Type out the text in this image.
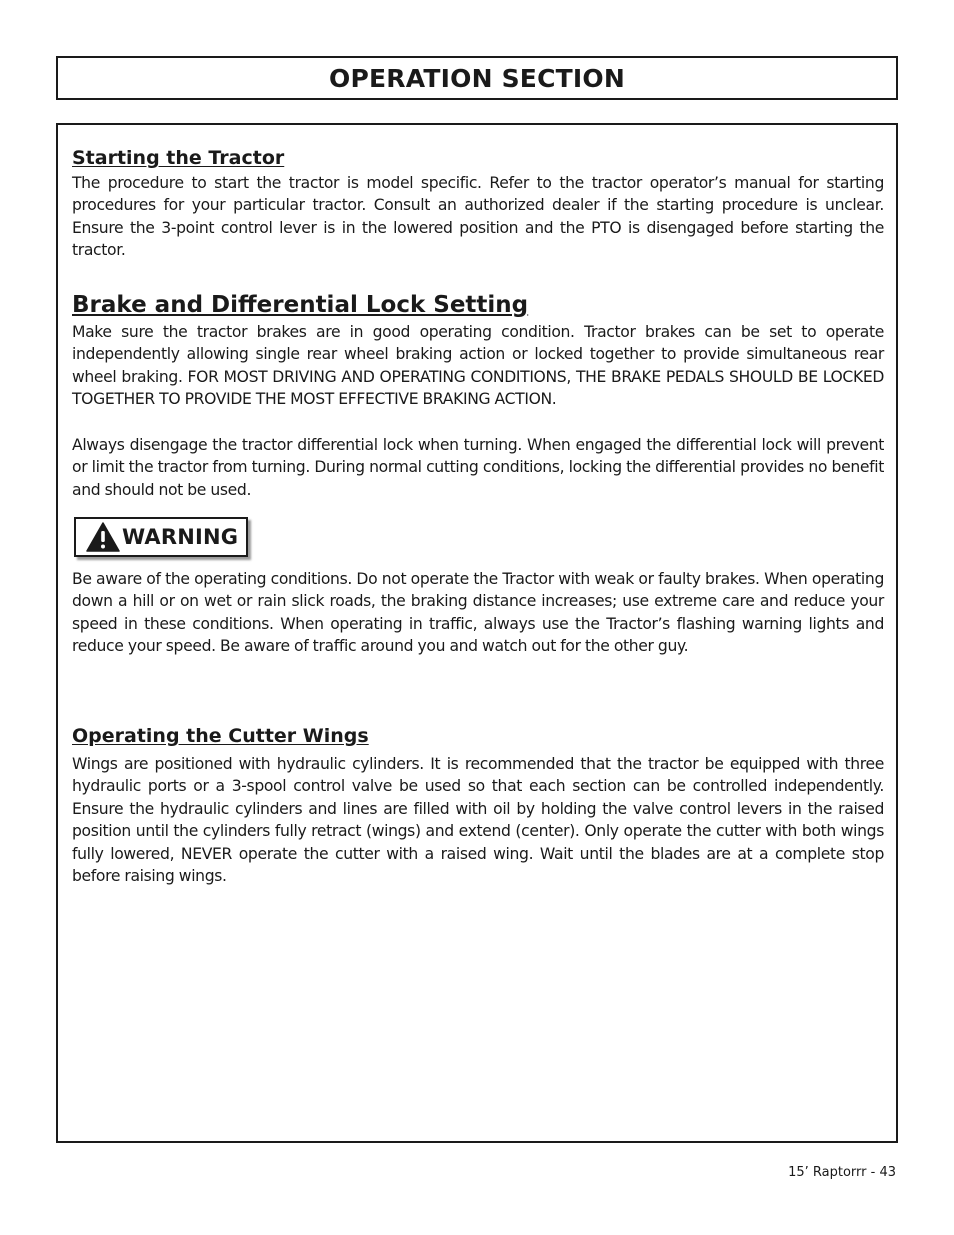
OPERATION SECTION
Starting the Tractor

The procedure to start the tractor is model specific. Refer to the tractor operator’s manual for starting procedures for your particular tractor. Consult an authorized dealer if the starting procedure is unclear. Ensure the 3-point control lever is in the lowered position and the PTO is disengaged before starting the tractor.

Brake and Differential Lock Setting

Make sure the tractor brakes are in good operating condition. Tractor brakes can be set to operate independently allowing single rear wheel braking action or locked together to provide simultaneous rear wheel braking. FOR MOST DRIVING AND OPERATING CONDITIONS, THE BRAKE PEDALS SHOULD BE LOCKED TOGETHER TO PROVIDE THE MOST EFFECTIVE BRAKING ACTION.

Always disengage the tractor differential lock when turning. When engaged the differential lock will prevent or limit the tractor from turning. During normal cutting conditions, locking the differential provides no benefit and should not be used.

WARNING

Be aware of the operating conditions. Do not operate the Tractor with weak or faulty brakes. When operating down a hill or on wet or rain slick roads, the braking distance increases; use extreme care and reduce your speed in these conditions. When operating in traffic, always use the Tractor’s flashing warning lights and reduce your speed. Be aware of traffic around you and watch out for the other guy.

Operating the Cutter Wings

Wings are positioned with hydraulic cylinders. It is recommended that the tractor be equipped with three hydraulic ports or a 3-spool control valve be used so that each section can be controlled independently. Ensure the hydraulic cylinders and lines are filled with oil by holding the valve control levers in the raised position until the cylinders fully retract (wings) and extend (center). Only operate the cutter with both wings fully lowered, NEVER operate the cutter with a raised wing. Wait until the blades are at a complete stop before raising wings.

15’ Raptorrr - 43
